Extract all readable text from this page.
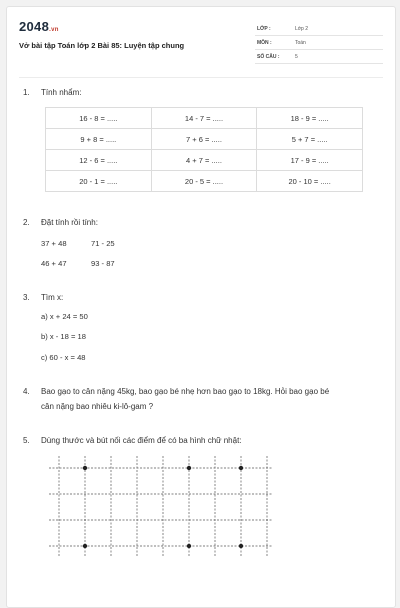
2048.vn
Vở bài tập Toán lớp 2 Bài 85: Luyện tập chung
LỚP :	Lớp 2
MÔN :	Toán
SỐ CÂU :	5
1. Tính nhẩm:
16 - 8 = .....	14 - 7 = .....	18 - 9 = .....
9 + 8 = .....	7 + 6 = .....	5 + 7 = .....
12 - 6 = .....	4 + 7 = .....	17 - 9 = .....
20 - 1 = .....	20 - 5 = .....	20 - 10 = .....
2. Đặt tính rồi tính:
37 + 48	71 - 25
46 + 47	93 - 87
3. Tìm x:
a) x + 24 = 50
b) x - 18 = 18
c) 60 - x = 48
4. Bao gạo to cân nặng 45kg, bao gạo bé nhẹ hơn bao gạo to 18kg. Hỏi bao gạo bé
cân nặng bao nhiêu ki-lô-gam ?
5. Dùng thước và bút nối các điểm để có ba hình chữ nhật:
